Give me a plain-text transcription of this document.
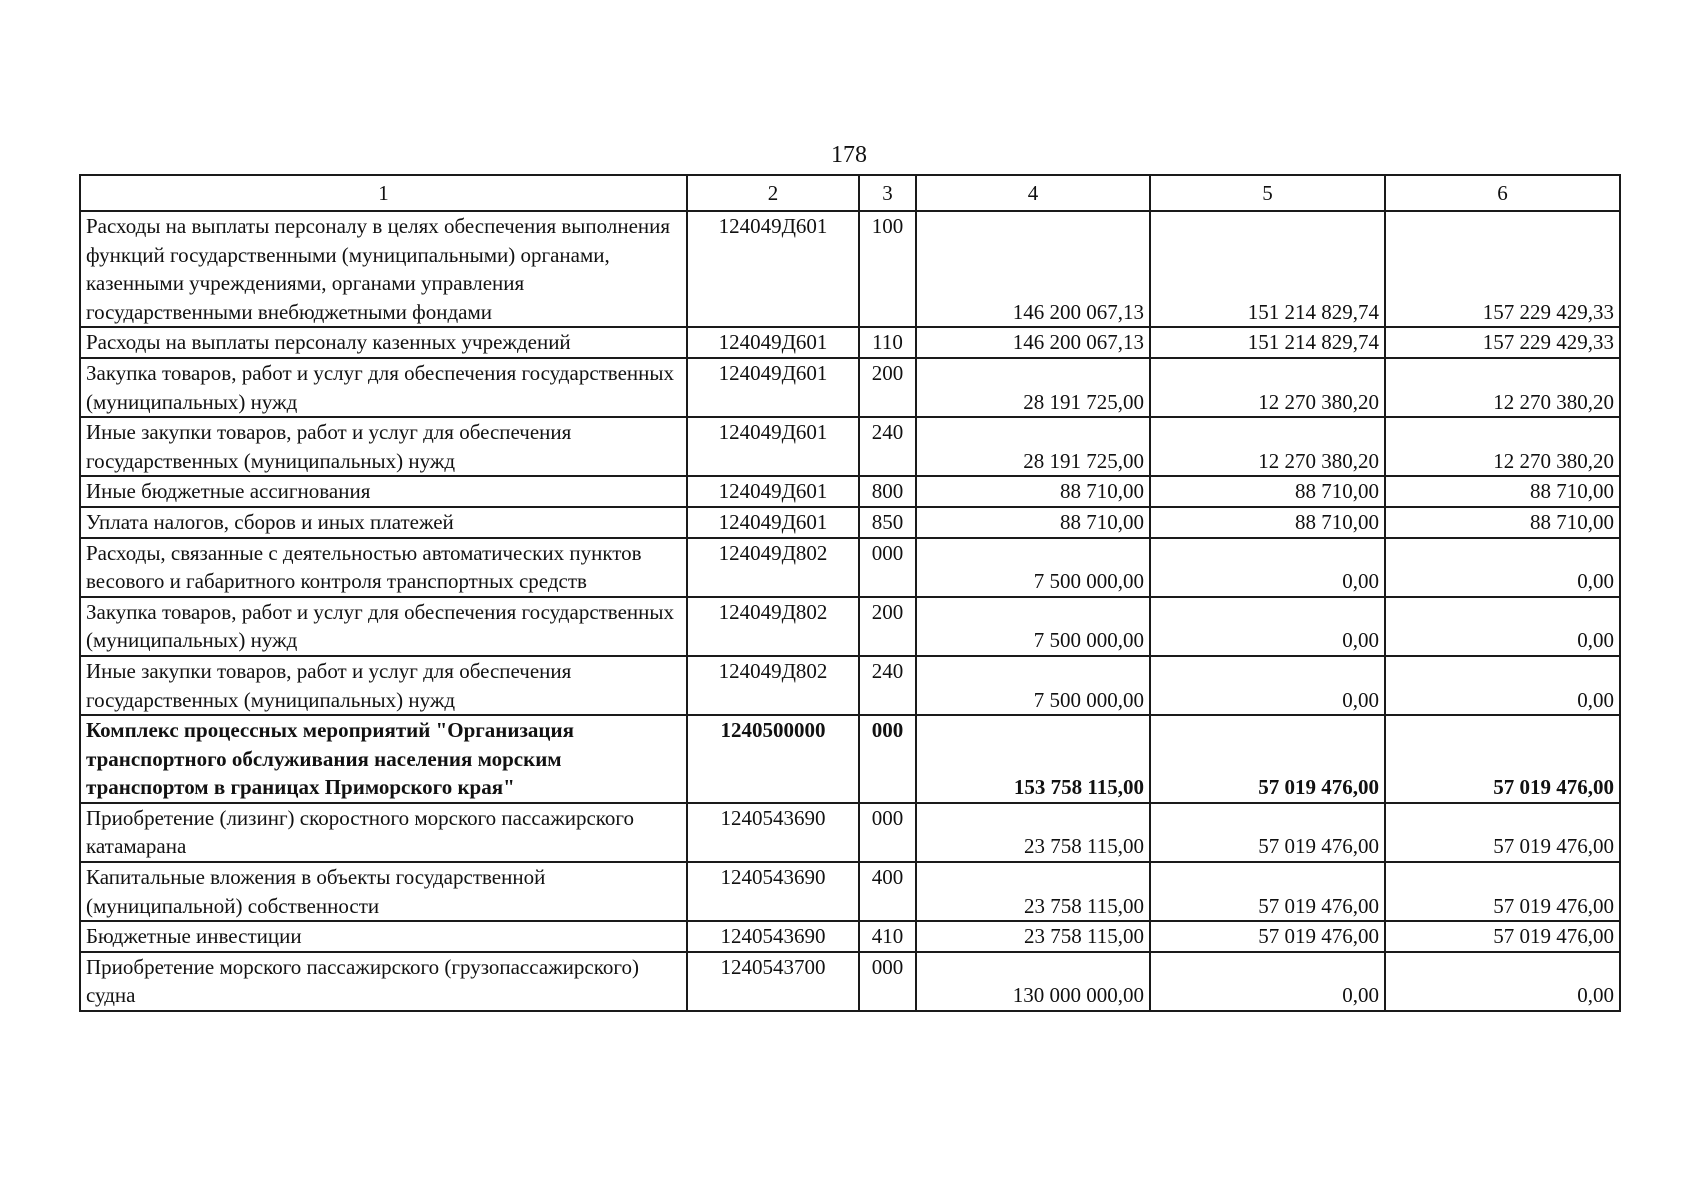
178
1	2	3	4	5	6
Расходы на выплаты персоналу в целях обеспечения выполнения функций государственными (муниципальными) органами, казенными учреждениями, органами управления государственными внебюджетными фондами	124049Д601	100	146 200 067,13	151 214 829,74	157 229 429,33
Расходы на выплаты персоналу казенных учреждений	124049Д601	110	146 200 067,13	151 214 829,74	157 229 429,33
Закупка товаров, работ и услуг для обеспечения государственных (муниципальных) нужд	124049Д601	200	28 191 725,00	12 270 380,20	12 270 380,20
Иные закупки товаров, работ и услуг для обеспечения государственных (муниципальных) нужд	124049Д601	240	28 191 725,00	12 270 380,20	12 270 380,20
Иные бюджетные ассигнования	124049Д601	800	88 710,00	88 710,00	88 710,00
Уплата налогов, сборов и иных платежей	124049Д601	850	88 710,00	88 710,00	88 710,00
Расходы, связанные с деятельностью автоматических пунктов весового и габаритного контроля транспортных средств	124049Д802	000	7 500 000,00	0,00	0,00
Закупка товаров, работ и услуг для обеспечения государственных (муниципальных) нужд	124049Д802	200	7 500 000,00	0,00	0,00
Иные закупки товаров, работ и услуг для обеспечения государственных (муниципальных) нужд	124049Д802	240	7 500 000,00	0,00	0,00
Комплекс процессных мероприятий "Организация транспортного обслуживания населения морским транспортом в границах Приморского края"	1240500000	000	153 758 115,00	57 019 476,00	57 019 476,00
Приобретение (лизинг) скоростного морского пассажирского катамарана	1240543690	000	23 758 115,00	57 019 476,00	57 019 476,00
Капитальные вложения в объекты государственной (муниципальной) собственности	1240543690	400	23 758 115,00	57 019 476,00	57 019 476,00
Бюджетные инвестиции	1240543690	410	23 758 115,00	57 019 476,00	57 019 476,00
Приобретение морского пассажирского (грузопассажирского) судна	1240543700	000	130 000 000,00	0,00	0,00
